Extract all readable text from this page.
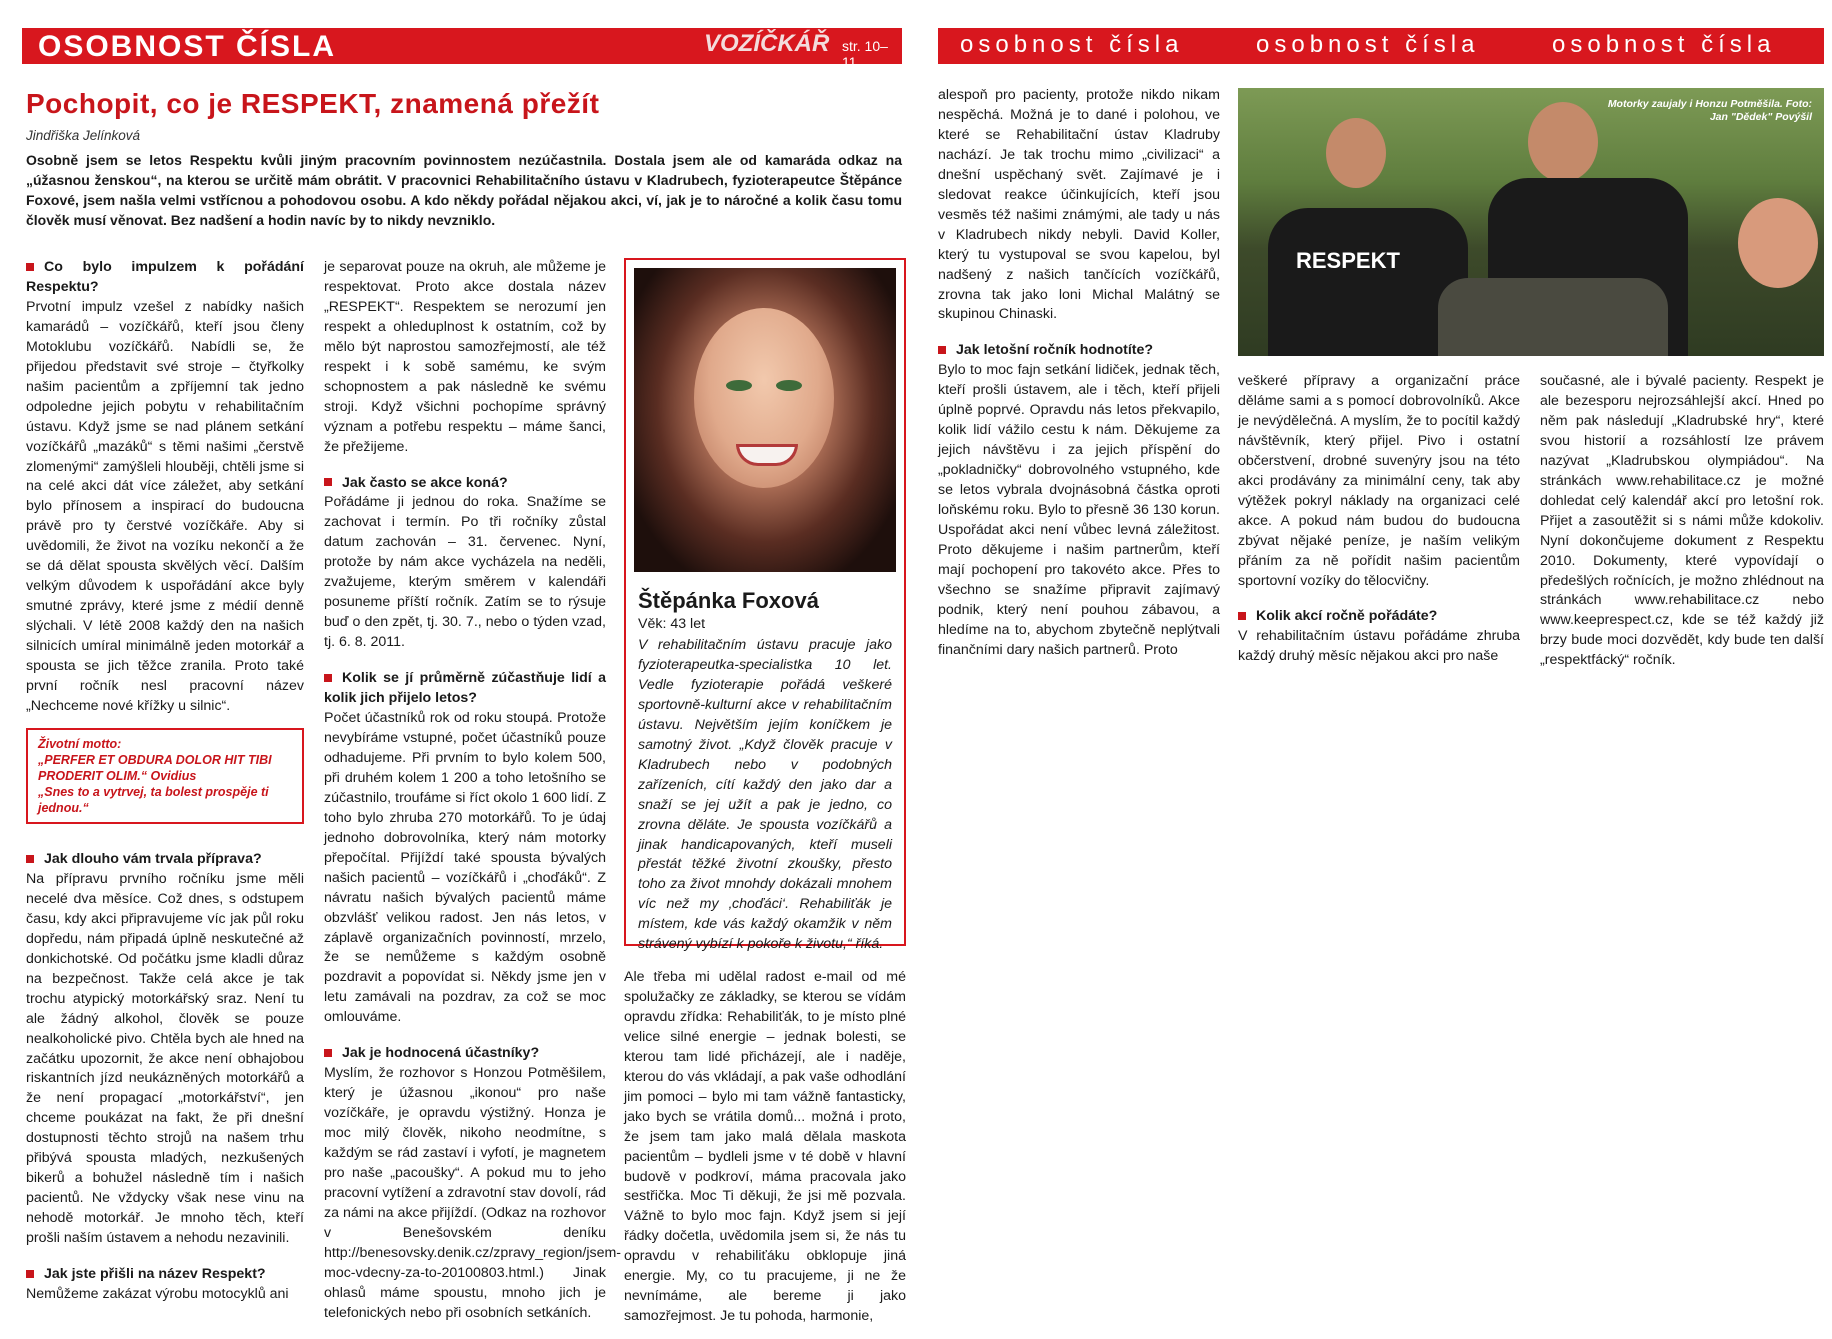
OSOBNOST ČÍSLA	VOZÍČKÁŘ str. 10–11
osobnost čísla	osobnost čísla	osobnost čísla
Pochopit, co je RESPEKT, znamená přežít
Jindřiška Jelínková

Osobně jsem se letos Respektu kvůli jiným pracovním povinnostem nezúčastnila. Dostala jsem ale od kamaráda odkaz na „úžasnou ženskou“, na kterou se určitě mám obrátit. V pracovnici Rehabilitačního ústavu v Kladrubech, fyzioterapeutce Štěpánce Foxové, jsem našla velmi vstřícnou a pohodovou osobu. A kdo někdy pořádal nějakou akci, ví, jak je to náročné a kolik času tomu člověk musí věnovat. Bez nadšení a hodin navíc by to nikdy nevzniklo.

Co bylo impulzem k pořádání Respektu?

Prvotní impulz vzešel z nabídky našich kamarádů – vozíčkářů, kteří jsou členy Motoklubu vozíčkářů. Nabídli se, že přijedou představit své stroje – čtyřkolky našim pacientům a zpříjemní tak jedno odpoledne jejich pobytu v rehabilitačním ústavu. Když jsme se nad plánem setkání vozíčkářů „mazáků“ s těmi našimi „čerstvě zlomenými“ zamýšleli hlouběji, chtěli jsme si na celé akci dát více záležet, aby setkání bylo přínosem a inspirací do budoucna právě pro ty čerstvé vozíčkáře. Aby si uvědomili, že život na vozíku nekončí a že se dá dělat spousta skvělých věcí. Dalším velkým důvodem k uspořádání akce byly smutné zprávy, které jsme z médií denně slýchali. V létě 2008 každý den na našich silnicích umíral minimálně jeden motorkář a spousta se jich těžce zranila. Proto také první ročník nesl pracovní název „Nechceme nové křížky u silnic“.

Životní motto:
„PERFER ET OBDURA DOLOR HIT TIBI PRODERIT OLIM.“ Ovidius
„Snes to a vytrvej, ta bolest prospěje ti jednou.“

Jak dlouho vám trvala příprava?

Na přípravu prvního ročníku jsme měli necelé dva měsíce. Což dnes, s odstupem času, kdy akci připravujeme víc jak půl roku dopředu, nám připadá úplně neskutečné až donkichotské. Od počátku jsme kladli důraz na bezpečnost. Takže celá akce je tak trochu atypický motorkářský sraz. Není tu ale žádný alkohol, člověk se pouze nealkoholické pivo. Chtěla bych ale hned na začátku upozornit, že akce není obhajobou riskantních jízd neukázněných motorkářů a že není propagací „motorkářství“, jen chceme poukázat na fakt, že při dnešní dostupnosti těchto strojů na našem trhu přibývá spousta mladých, nezkušených bikerů a bohužel následně tím i našich pacientů. Ne vždycky však nese vinu na nehodě motorkář. Je mnoho těch, kteří prošli naším ústavem a nehodu nezavinili.

Jak jste přišli na název Respekt?

Nemůžeme zakázat výrobu motocyklů ani

je separovat pouze na okruh, ale můžeme je respektovat. Proto akce dostala název „RESPEKT“. Respektem se nerozumí jen respekt a ohleduplnost k ostatním, což by mělo být naprostou samozřejmostí, ale též respekt i k sobě samému, ke svým schopnostem a pak následně ke svému stroji. Když všichni pochopíme správný význam a potřebu respektu – máme šanci, že přežijeme.

Jak často se akce koná?

Pořádáme ji jednou do roka. Snažíme se zachovat i termín. Po tři ročníky zůstal datum zachován – 31. červenec. Nyní, protože by nám akce vycházela na neděli, zvažujeme, kterým směrem v kalendáři posuneme příští ročník. Zatím se to rýsuje buď o den zpět, tj. 30. 7., nebo o týden vzad, tj. 6. 8. 2011.

Kolik se jí průměrně zúčastňuje lidí a kolik jich přijelo letos?

Počet účastníků rok od roku stoupá. Protože nevybíráme vstupné, počet účastníků pouze odhadujeme. Při prvním to bylo kolem 500, při druhém kolem 1 200 a toho letošního se zúčastnilo, troufáme si říct okolo 1 600 lidí. Z toho bylo zhruba 270 motorkářů. To je údaj jednoho dobrovolníka, který nám motorky přepočítal. Přijíždí také spousta bývalých našich pacientů – vozíčkářů i „choďáků“. Z návratu našich bývalých pacientů máme obzvlášť velikou radost. Jen nás letos, v záplavě organizačních povinností, mrzelo, že se nemůžeme s každým osobně pozdravit a popovídat si. Někdy jsme jen v letu zamávali na pozdrav, za což se moc omlouváme.

Jak je hodnocená účastníky?

Myslím, že rozhovor s Honzou Potměšilem, který je úžasnou „ikonou“ pro naše vozíčkáře, je opravdu výstižný. Honza je moc milý člověk, nikoho neodmítne, s každým se rád zastaví i vyfotí, je magnetem pro naše „pacoušky“. A pokud mu to jeho pracovní vytížení a zdravotní stav dovolí, rád za námi na akce přijíždí. (Odkaz na rozhovor v Benešovském deníku http://benesovsky.denik.cz/zpravy_region/jsem-moc-vdecny-za-to-20100803.html.) Jinak ohlasů máme spoustu, mnoho jich je telefonických nebo při osobních setkáních.

Štěpánka Foxová
Věk: 43 let

V rehabilitačním ústavu pracuje jako fyzioterapeutka-specialistka 10 let. Vedle fyzioterapie pořádá veškeré sportovně-kulturní akce v rehabilitačním ústavu. Největším jejím koníčkem je samotný život. „Když člověk pracuje v Kladrubech nebo v podobných zařízeních, cítí každý den jako dar a snaží se jej užít a pak je jedno, co zrovna děláte. Je spousta vozíčkářů a jinak handicapovaných, kteří museli přestát těžké životní zkoušky, přesto toho za život mnohdy dokázali mnohem víc než my ‚choďáci‘. Rehabiliťák je místem, kde vás každý okamžik v něm strávený vybízí k pokoře k životu,“ říká.

Ale třeba mi udělal radost e-mail od mé spolužačky ze základky, se kterou se vídám opravdu zřídka: Rehabiliťák, to je místo plné velice silné energie – jednak bolesti, se kterou tam lidé přicházejí, ale i naděje, kterou do vás vkládají, a pak vaše odhodlání jim pomoci – bylo mi tam vážně fantasticky, jako bych se vrátila domů... možná i proto, že jsem tam jako malá dělala maskota pacientům – bydleli jsme v té době v hlavní budově v podkroví, máma pracovala jako sestřička. Moc Ti děkuji, že jsi mě pozvala. Vážně to bylo moc fajn. Když jsem si její řádky dočetla, uvědomila jsem si, že nás tu opravdu v rehabiliťáku obklopuje jiná energie. My, co tu pracujeme, ji ne že nevnímáme, ale bereme ji jako samozřejmost. Je tu pohoda, harmonie,

RESPEKT
Motorky zaujaly i Honzu Potměšila. Foto: Jan "Dědek" Povýšil

alespoň pro pacienty, protože nikdo nikam nespěchá. Možná je to dané i polohou, ve které se Rehabilitační ústav Kladruby nachází. Je tak trochu mimo „civilizaci“ a dnešní uspěchaný svět. Zajímavé je i sledovat reakce účinkujících, kteří jsou vesměs též našimi známými, ale tady u nás v Kladrubech nikdy nebyli. David Koller, který tu vystupoval se svou kapelou, byl nadšený z našich tančících vozíčkářů, zrovna tak jako loni Michal Malátný se skupinou Chinaski.

Jak letošní ročník hodnotíte?

Bylo to moc fajn setkání lidiček, jednak těch, kteří prošli ústavem, ale i těch, kteří přijeli úplně poprvé. Opravdu nás letos překvapilo, kolik lidí vážilo cestu k nám. Děkujeme za jejich návštěvu i za jejich příspění do „pokladničky“ dobrovolného vstupného, kde se letos vybrala dvojnásobná částka oproti loňskému roku. Bylo to přesně 36 130 korun. Uspořádat akci není vůbec levná záležitost. Proto děkujeme i našim partnerům, kteří mají pochopení pro takovéto akce. Přes to všechno se snažíme připravit zajímavý podnik, který není pouhou zábavou, a hledíme na to, abychom zbytečně neplýtvali finančními dary našich partnerů. Proto

veškeré přípravy a organizační práce děláme sami a s pomocí dobrovolníků. Akce je nevýdělečná. A myslím, že to pocítil každý návštěvník, který přijel. Pivo i ostatní občerstvení, drobné suvenýry jsou na této akci prodávány za minimální ceny, tak aby výtěžek pokryl náklady na organizaci celé akce. A pokud nám budou do budoucna zbývat nějaké peníze, je naším velikým přáním za ně pořídit našim pacientům sportovní vozíky do tělocvičny.

Kolik akcí ročně pořádáte?

V rehabilitačním ústavu pořádáme zhruba každý druhý měsíc nějakou akci pro naše

současné, ale i bývalé pacienty. Respekt je ale bezesporu nejrozsáhlejší akcí. Hned po něm pak následují „Kladrubské hry“, které svou historií a rozsáhlostí lze právem nazývat „Kladrubskou olympiádou“. Na stránkách www.rehabilitace.cz je možné dohledat celý kalendář akcí pro letošní rok. Přijet a zasoutěžit si s námi může kdokoliv. Nyní dokončujeme dokument z Respektu 2010. Dokumenty, které vypovídají o předešlých ročnících, je možno zhlédnout na stránkách www.rehabilitace.cz nebo www.keeprespect.cz, kde se též každý již brzy bude moci dozvědět, kdy bude ten další „respektfácký“ ročník.
